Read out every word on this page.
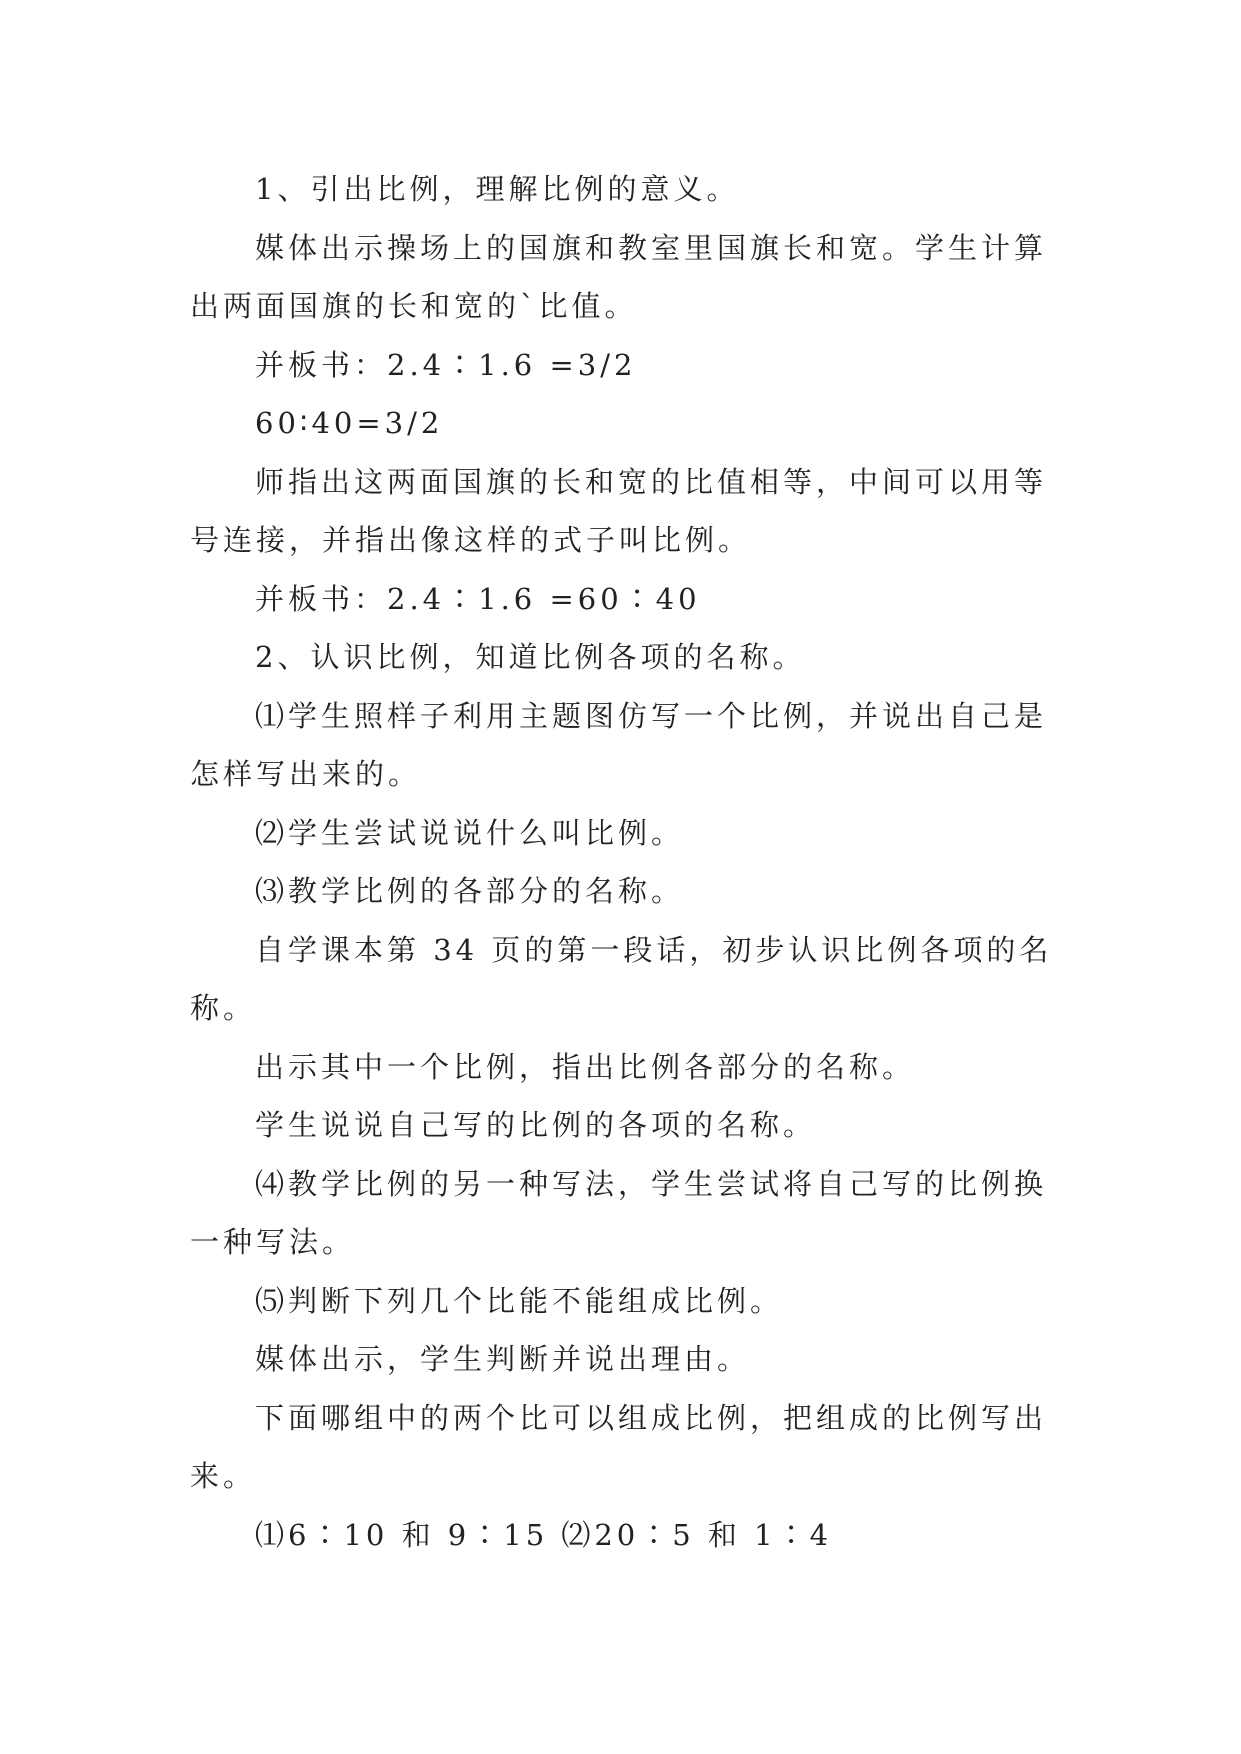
1、引出比例，理解比例的意义。

媒体出示操场上的国旗和教室里国旗长和宽。学生计算出两面国旗的长和宽的`比值。

并板书：2.4∶1.6 =3/2

60∶40=3/2

师指出这两面国旗的长和宽的比值相等，中间可以用等号连接，并指出像这样的式子叫比例。

并板书：2.4∶1.6 =60∶40

2、认识比例，知道比例各项的名称。

⑴学生照样子利用主题图仿写一个比例，并说出自己是怎样写出来的。

⑵学生尝试说说什么叫比例。

⑶教学比例的各部分的名称。

自学课本第 34 页的第一段话，初步认识比例各项的名称。

出示其中一个比例，指出比例各部分的名称。

学生说说自己写的比例的各项的名称。

⑷教学比例的另一种写法，学生尝试将自己写的比例换一种写法。

⑸判断下列几个比能不能组成比例。

媒体出示，学生判断并说出理由。

下面哪组中的两个比可以组成比例，把组成的比例写出来。

⑴6∶10 和 9∶15 ⑵20∶5 和 1∶4
